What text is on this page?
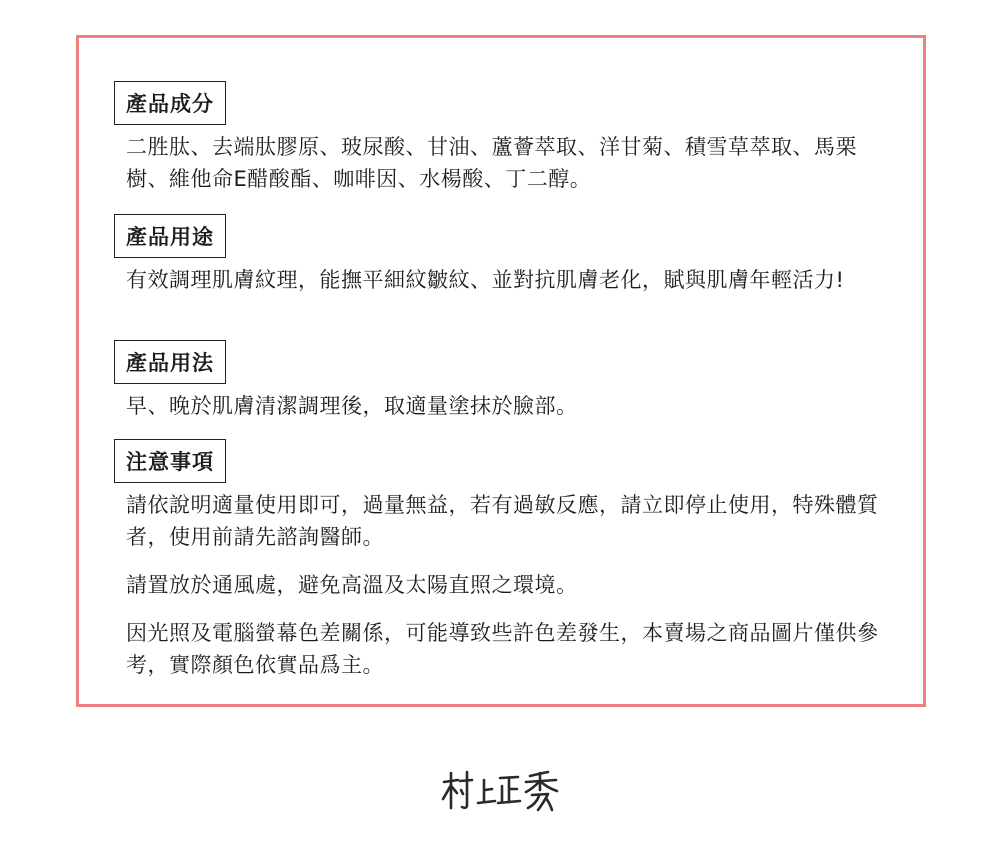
產品成分

二胜肽、去端肽膠原、玻尿酸、甘油、蘆薈萃取、洋甘菊、積雪草萃取、馬栗樹、維他命E醋酸酯、咖啡因、水楊酸、丁二醇。

產品用途

有效調理肌膚紋理，能撫平細紋皺紋、並對抗肌膚老化，賦與肌膚年輕活力!

產品用法

早、晚於肌膚清潔調理後，取適量塗抹於臉部。

注意事項

請依說明適量使用即可，過量無益，若有過敏反應，請立即停止使用，特殊體質者，使用前請先諮詢醫師。

請置放於通風處，避免高溫及太陽直照之環境。

因光照及電腦螢幕色差關係，可能導致些許色差發生，本賣場之商品圖片僅供參考，實際顏色依實品爲主。
